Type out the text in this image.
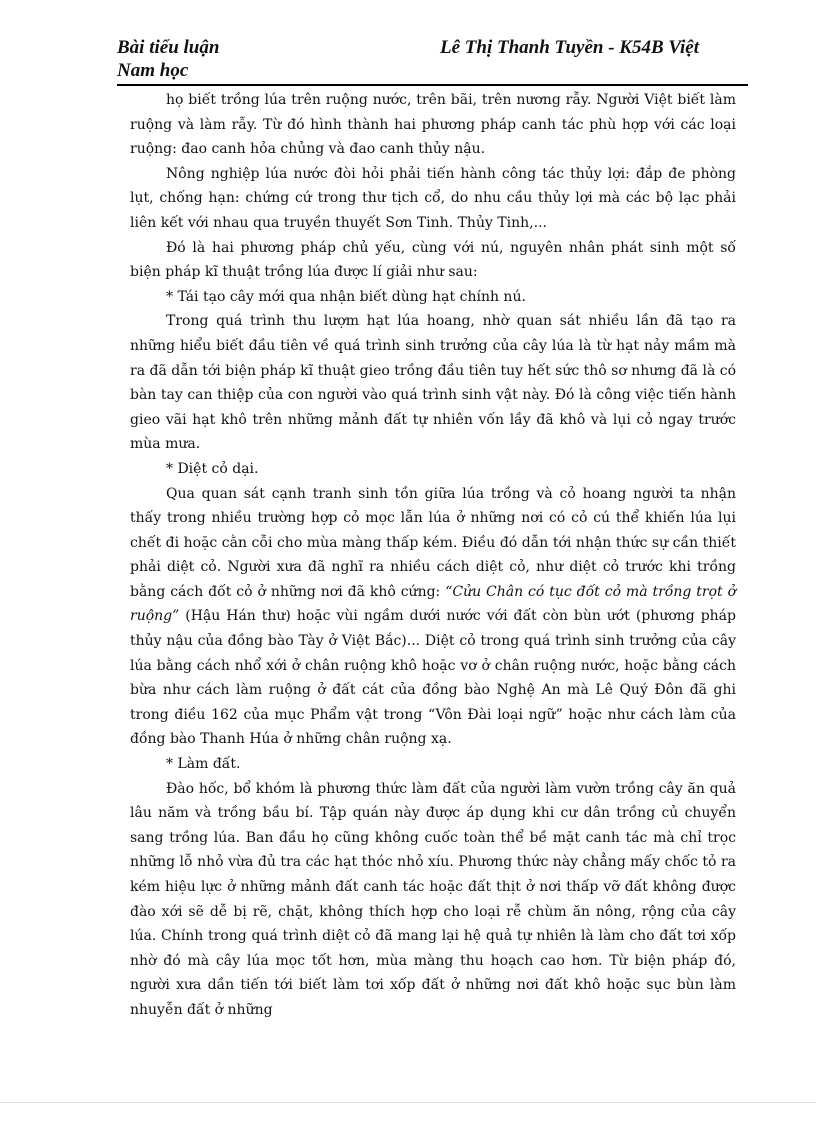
Bài tiểu luận	Lê Thị Thanh Tuyền - K54B Việt
Nam học

họ biết trồng lúa trên ruộng nước, trên bãi, trên nương rẫy. Người Việt biết làm ruộng và làm rẫy. Từ đó hình thành hai phương pháp canh tác phù hợp với các loại ruộng: đao canh hỏa chủng và đao canh thủy nậu.

Nông nghiệp lúa nước đòi hỏi phải tiến hành công tác thủy lợi: đắp đe phòng lụt, chống hạn: chứng cứ trong thư tịch cổ, do nhu cầu thủy lợi mà các bộ lạc phải liên kết với nhau qua truyền thuyết Sơn Tinh. Thủy Tinh,...

Đó là hai phương pháp chủ yếu, cùng với nú, nguyên nhân phát sinh một số biện pháp kĩ thuật trồng lúa được lí giải như sau:

* Tái tạo cây mới qua nhận biết dùng hạt chính nú.

Trong quá trình thu lượm hạt lúa hoang, nhờ quan sát nhiều lần đã tạo ra những hiểu biết đầu tiên về quá trình sinh trưởng của cây lúa là từ hạt nảy mầm mà ra đã dẫn tới biện pháp kĩ thuật gieo trồng đầu tiên tuy hết sức thô sơ nhưng đã là có bàn tay can thiệp của con người vào quá trình sinh vật này. Đó là công việc tiến hành gieo vãi hạt khô trên những mảnh đất tự nhiên vốn lầy đã khô và lụi cỏ ngay trước mùa mưa.

* Diệt cỏ dại.

Qua quan sát cạnh tranh sinh tồn giữa lúa trồng và cỏ hoang người ta nhận thấy trong nhiều trường hợp cỏ mọc lẫn lúa ở những nơi có cỏ cú thể khiến lúa lụi chết đi hoặc cằn cỗi cho mùa màng thấp kém. Điều đó dẫn tới nhận thức sự cần thiết phải diệt cỏ. Người xưa đã nghĩ ra nhiều cách diệt cỏ, như diệt cỏ trước khi trồng bằng cách đốt cỏ ở những nơi đã khô cứng: “Cửu Chân có tục đốt cỏ mà trồng trọt ở ruộng” (Hậu Hán thư) hoặc vùi ngầm dưới nước với đất còn bùn ướt (phương pháp thủy nậu của đồng bào Tày ở Việt Bắc)... Diệt cỏ trong quá trình sinh trưởng của cây lúa bằng cách nhổ xới ở chân ruộng khô hoặc vơ ở chân ruộng nước, hoặc bằng cách bừa như cách làm ruộng ở đất cát của đồng bào Nghệ An mà Lê Quý Đôn đã ghi trong điều 162 của mục Phẩm vật trong “Vôn Đài loại ngữ” hoặc như cách làm của đồng bào Thanh Húa ở những chân ruộng xạ.

* Làm đất.

Đào hốc, bổ khóm là phương thức làm đất của người làm vườn trồng cây ăn quả lâu năm và trồng bầu bí. Tập quán này được áp dụng khi cư dân trồng củ chuyển sang trồng lúa. Ban đầu họ cũng không cuốc toàn thể bề mặt canh tác mà chỉ trọc những lỗ nhỏ vừa đủ tra các hạt thóc nhỏ xíu. Phương thức này chẳng mấy chốc tỏ ra kém hiệu lực ở những mảnh đất canh tác hoặc đất thịt ở nơi thấp vỡ đất không được đào xới sẽ dễ bị rẽ, chặt, không thích hợp cho loại rễ chùm ăn nông, rộng của cây lúa. Chính trong quá trình diệt cỏ đã mang lại hệ quả tự nhiên là làm cho đất tơi xốp nhờ đó mà cây lúa mọc tốt hơn, mùa màng thu hoạch cao hơn. Từ biện pháp đó, người xưa dần tiến tới biết làm tơi xốp đất ở những nơi đất khô hoặc sục bùn làm nhuyễn đất ở những
